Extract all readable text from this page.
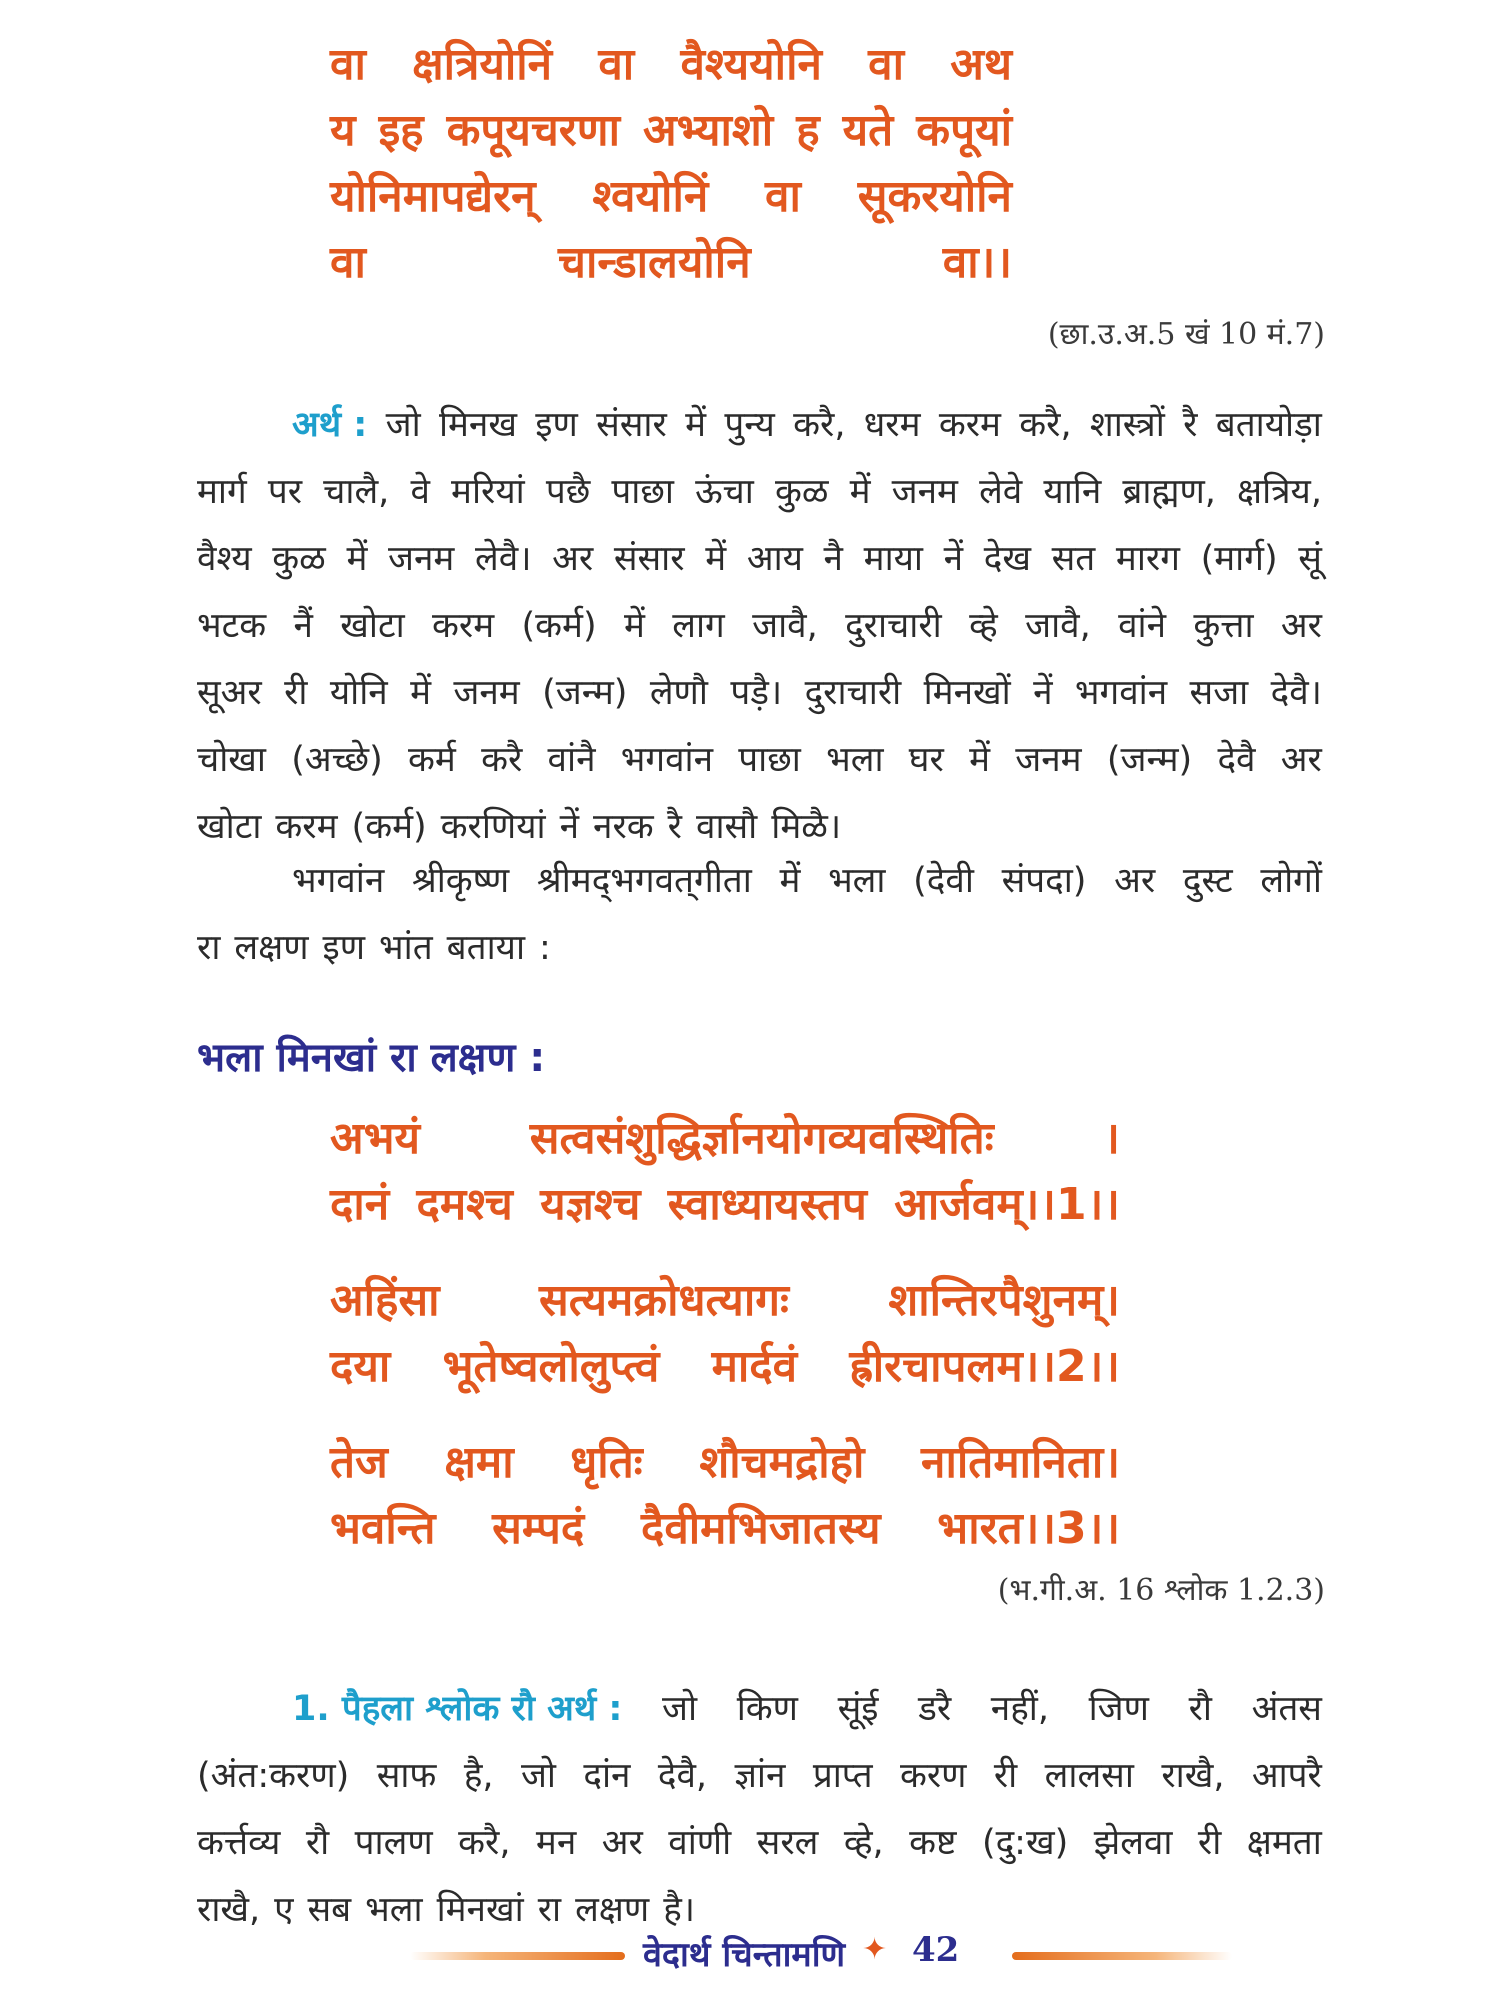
वा क्षत्रियोनिं वा वैश्ययोनि वा अथ
य इह कपूयचरणा अभ्याशो ह यते कपूयां
योनिमापद्येरन् श्वयोनिं वा सूकरयोनि
वा	चान्डालयोनि	वा।।
(छा.उ.अ.5 खं 10 मं.7)
अर्थ : जो मिनख इण संसार में पुन्य करै, धरम करम करै, शास्त्रों रै बतायोड़ा
मार्ग पर चालै, वे मरियां पछै पाछा ऊंचा कुळ में जनम लेवे यानि ब्राह्मण, क्षत्रिय,
वैश्य कुळ में जनम लेवै। अर संसार में आय नै माया नें देख सत मारग (मार्ग) सूं
भटक नैं खोटा करम (कर्म) में लाग जावै, दुराचारी व्हे जावै, वांने कुत्ता अर
सूअर री योनि में जनम (जन्म) लेणौ पड़ै। दुराचारी मिनखों नें भगवांन सजा देवै।
चोखा (अच्छे) कर्म करै वांनै भगवांन पाछा भला घर में जनम (जन्म) देवै अर
खोटा करम (कर्म) करणियां नें नरक रै वासौ मिळै।
भगवांन श्रीकृष्ण श्रीमद्‌भगवत्‌गीता में भला (देवी संपदा) अर दुस्ट लोगों
रा लक्षण इण भांत बताया :
भला मिनखां रा लक्षण :
अभयं सत्वसंशुद्धिर्ज्ञानयोगव्यवस्थितिः ।
दानं दमश्च यज्ञश्च स्वाध्यायस्तप आर्जवम्।।1।।
अहिंसा सत्यमक्रोधत्यागः शान्तिरपैशुनम्।
दया भूतेष्वलोलुप्त्वं मार्दवं ह्रीरचापलम।।2।।
तेज क्षमा धृतिः शौचमद्रोहो नातिमानिता।
भवन्ति सम्पदं दैवीमभिजातस्य भारत।।3।।
(भ.गी.अ. 16 श्लोक 1.2.3)
1. पैहला श्लोक रौ अर्थ : जो किण सूंई डरै नहीं, जिण रौ अंतस
(अंत:करण) साफ है, जो दांन देवै, ज्ञांन प्राप्त करण री लालसा राखै, आपरै
कर्त्तव्य रौ पालण करै, मन अर वांणी सरल व्हे, कष्ट (दु:ख) झेलवा री क्षमता
राखै, ए सब भला मिनखां रा लक्षण है।
वेदार्थ चिन्तामणि ✦ 42
